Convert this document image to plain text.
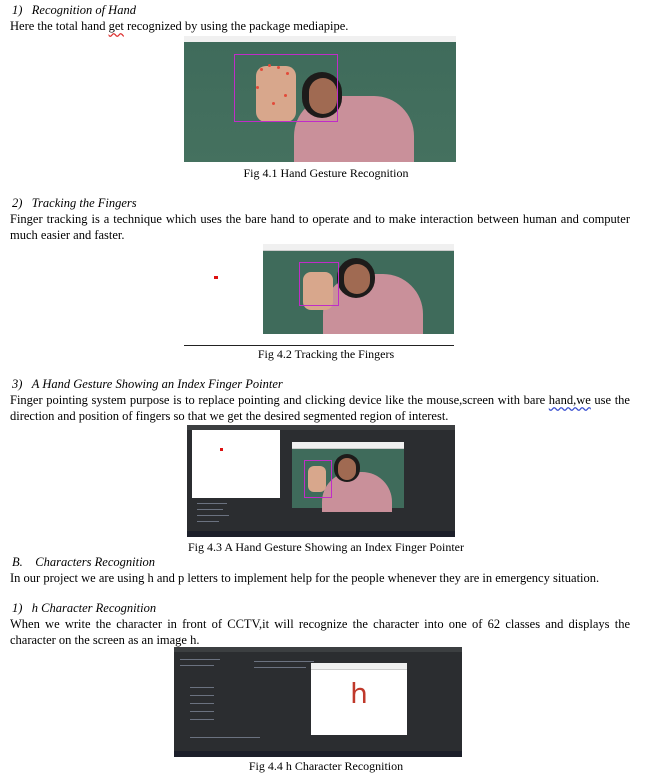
1)   Recognition of Hand
Here the total hand get recognized by using the package mediapipe.
Fig 4.1 Hand Gesture Recognition
2)   Tracking the Fingers
Finger tracking is a technique which uses the bare hand to operate and to make interaction between human and computer much easier and faster.
Fig 4.2 Tracking the Fingers
3)   A Hand Gesture Showing an Index Finger Pointer
Finger pointing system purpose is to replace pointing and clicking device like the mouse,screen with bare hand,we use the direction and position of fingers so that we get the desired segmented region of interest.
Fig 4.3 A Hand Gesture Showing an Index Finger Pointer
B.    Characters Recognition
In our project we are using h and p letters to implement help for the people whenever they are in emergency situation.
1)   h Character Recognition
When we write the character in front of CCTV,it will recognize the character into one of 62 classes and displays the character on the screen as an image h.
h
Fig 4.4 h Character Recognition
